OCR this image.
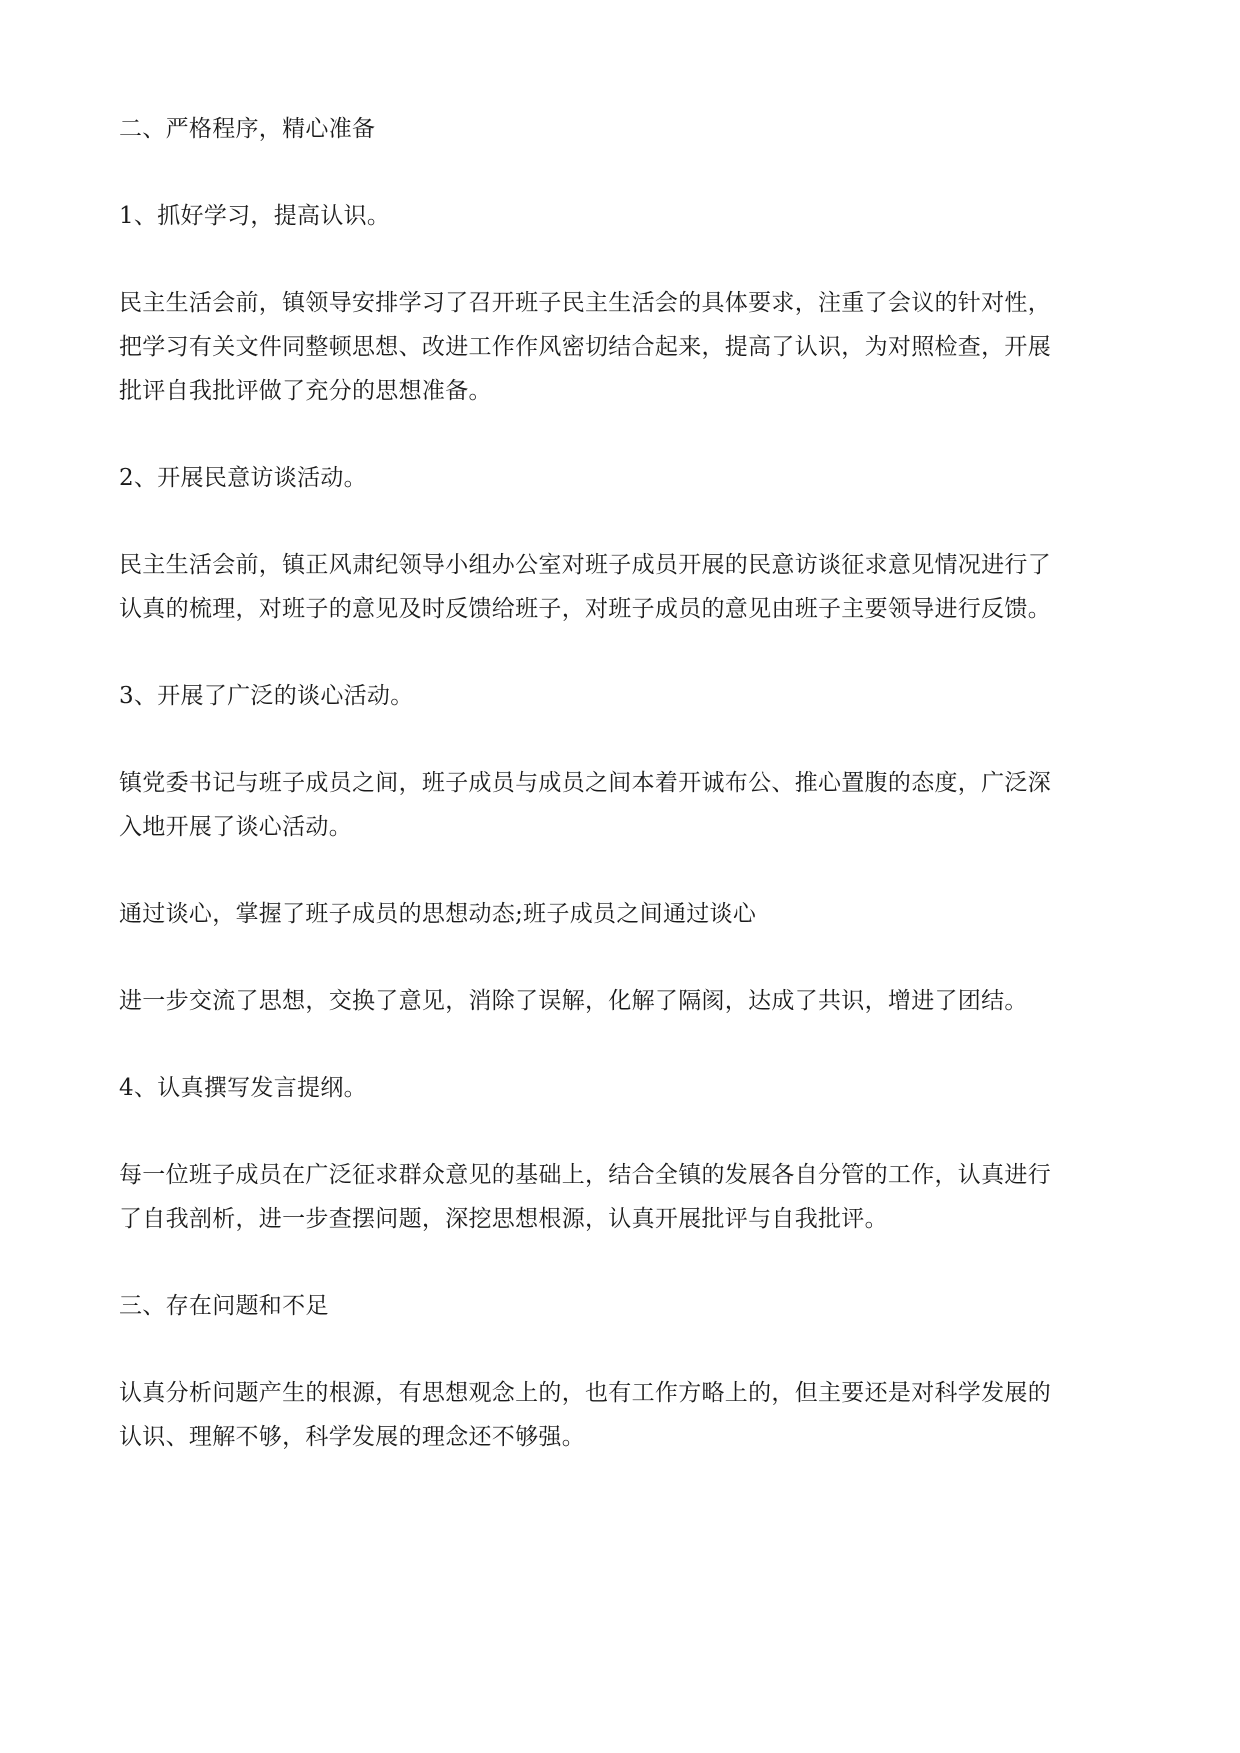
二、严格程序，精心准备
1、抓好学习，提高认识。
民主生活会前，镇领导安排学习了召开班子民主生活会的具体要求，注重了会议的针对性，
把学习有关文件同整顿思想、改进工作作风密切结合起来，提高了认识，为对照检查，开展
批评自我批评做了充分的思想准备。
2、开展民意访谈活动。
民主生活会前，镇正风肃纪领导小组办公室对班子成员开展的民意访谈征求意见情况进行了
认真的梳理，对班子的意见及时反馈给班子，对班子成员的意见由班子主要领导进行反馈。
3、开展了广泛的谈心活动。
镇党委书记与班子成员之间，班子成员与成员之间本着开诚布公、推心置腹的态度，广泛深
入地开展了谈心活动。
通过谈心，掌握了班子成员的思想动态;班子成员之间通过谈心
进一步交流了思想，交换了意见，消除了误解，化解了隔阂，达成了共识，增进了团结。
4、认真撰写发言提纲。
每一位班子成员在广泛征求群众意见的基础上，结合全镇的发展各自分管的工作，认真进行
了自我剖析，进一步查摆问题，深挖思想根源，认真开展批评与自我批评。
三、存在问题和不足
认真分析问题产生的根源，有思想观念上的，也有工作方略上的，但主要还是对科学发展的
认识、理解不够，科学发展的理念还不够强。
